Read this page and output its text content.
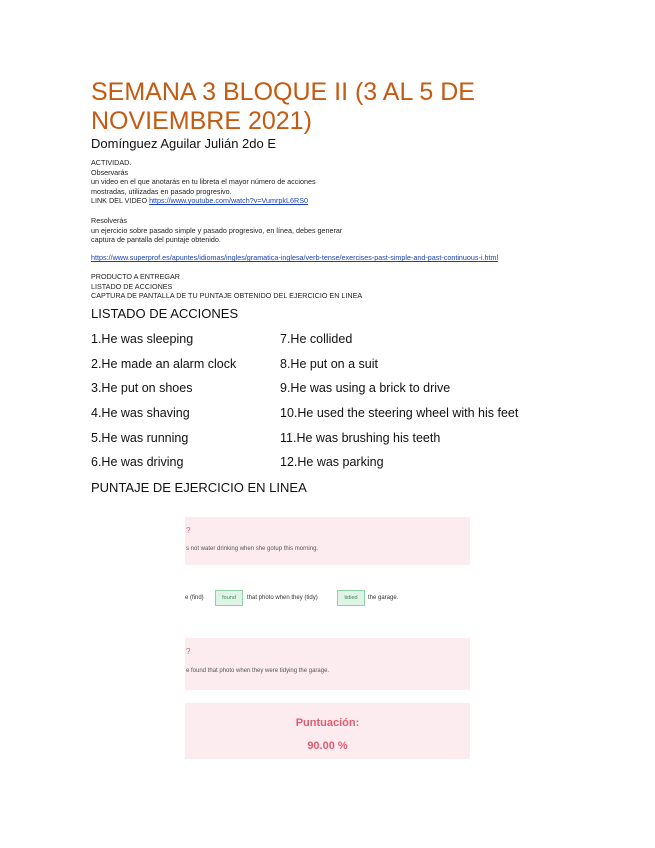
SEMANA 3 BLOQUE II (3 AL 5 DE NOVIEMBRE 2021)
Domínguez Aguilar Julián 2do E
ACTIVIDAD.
Observarás
un video en el que anotarás en tu libreta el mayor número de acciones
mostradas, utilizadas en pasado progresivo.
LINK DEL VIDEO https://www.youtube.com/watch?v=VumrpkL6RS0
Resolverás
un ejercicio sobre pasado simple y pasado progresivo, en línea, debes generar
captura de pantalla del puntaje obtenido.
https://www.superprof.es/apuntes/idiomas/ingles/gramatica-inglesa/verb-tense/exercises-past-simple-and-past-continuous-i.html
PRODUCTO A ENTREGAR
LISTADO DE ACCIONES
CAPTURA DE PANTALLA DE TU PUNTAJE OBTENIDO DEL EJERCICIO EN LINEA
LISTADO DE ACCIONES
1.He was sleeping
2.He made an alarm clock
3.He put on shoes
4.He was shaving
5.He was running
6.He was driving
7.He collided
8.He put on a suit
9.He was using a brick to drive
10.He used the steering wheel with his feet
11.He was brushing his teeth
12.He was parking
PUNTAJE DE EJERCICIO EN LINEA
?
s not water drinking when she gotup this morning.
e (find)	found	that photo when they (tidy)	tidied	the garage.
?
e found that photo when they were tidying the garage.
Puntuación:
90.00 %
